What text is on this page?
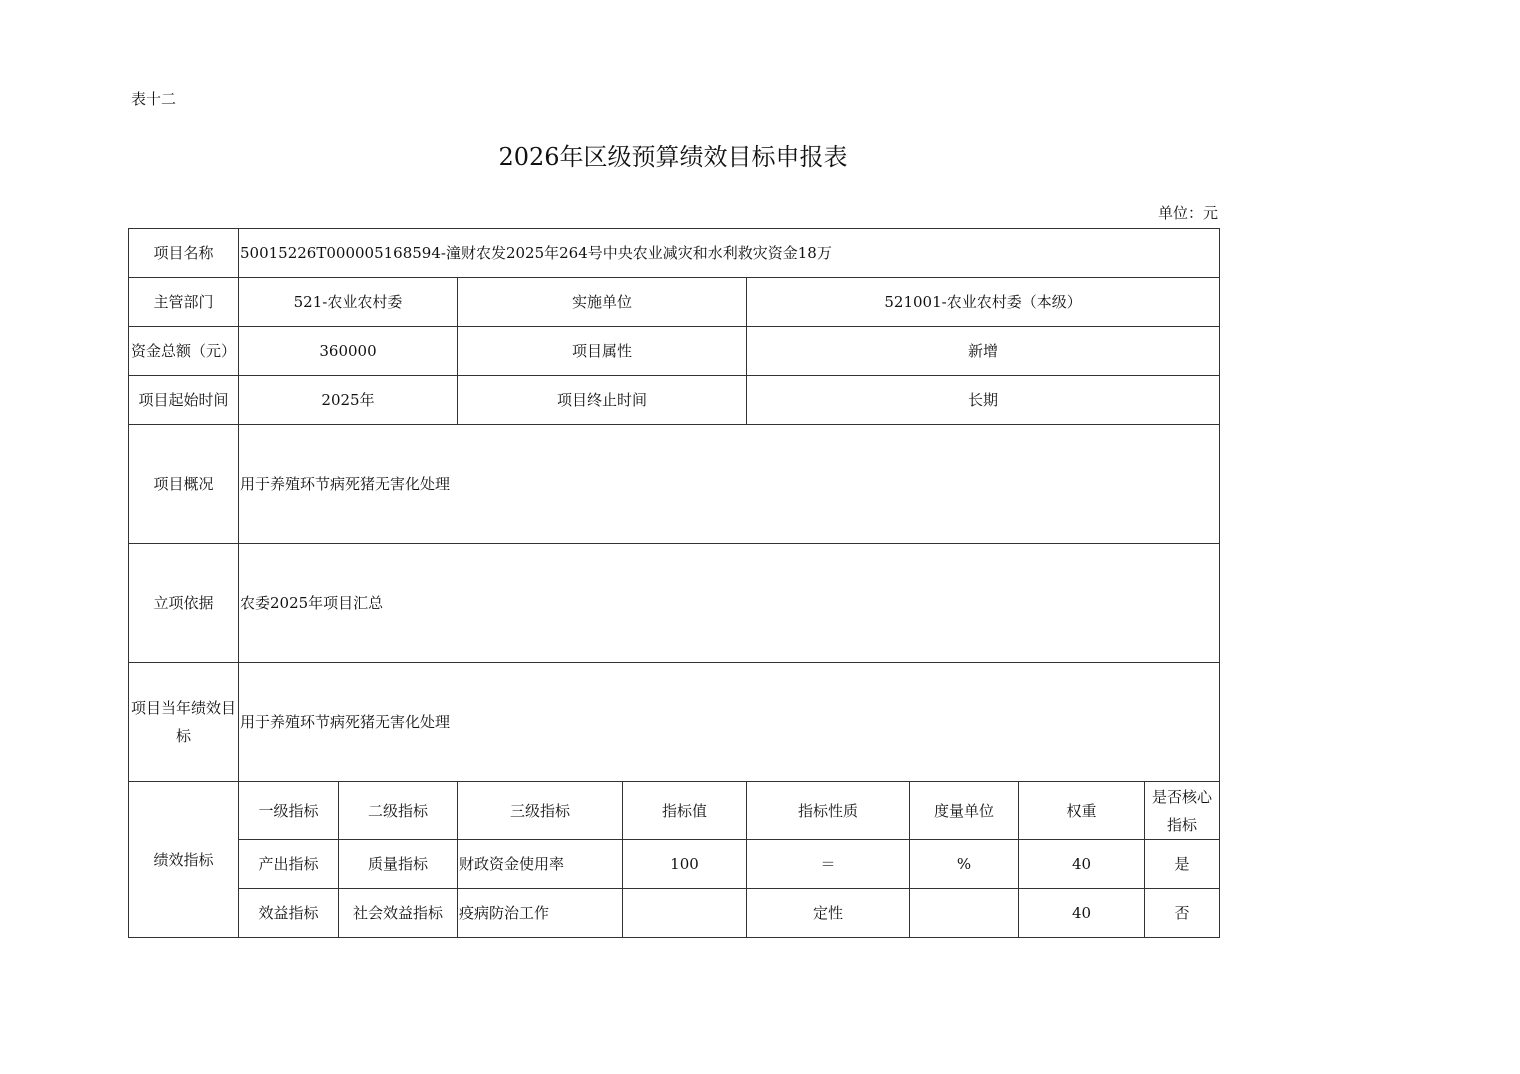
表十二
2026年区级预算绩效目标申报表
单位：元
项目名称	50015226T000005168594-潼财农发2025年264号中央农业减灾和水利救灾资金18万							
主管部门	521-农业农村委		实施单位		521001-农业农村委（本级）			
资金总额（元）	360000		项目属性		新增			
项目起始时间	2025年		项目终止时间		长期			
项目概况	用于养殖环节病死猪无害化处理							
立项依据	农委2025年项目汇总							
项目当年绩效目标	用于养殖环节病死猪无害化处理							
绩效指标	一级指标	二级指标	三级指标	指标值	指标性质	度量单位	权重	是否核心指标
	产出指标	质量指标	财政资金使用率	100	＝	%	40	是
	效益指标	社会效益指标	疫病防治工作		定性		40	否
